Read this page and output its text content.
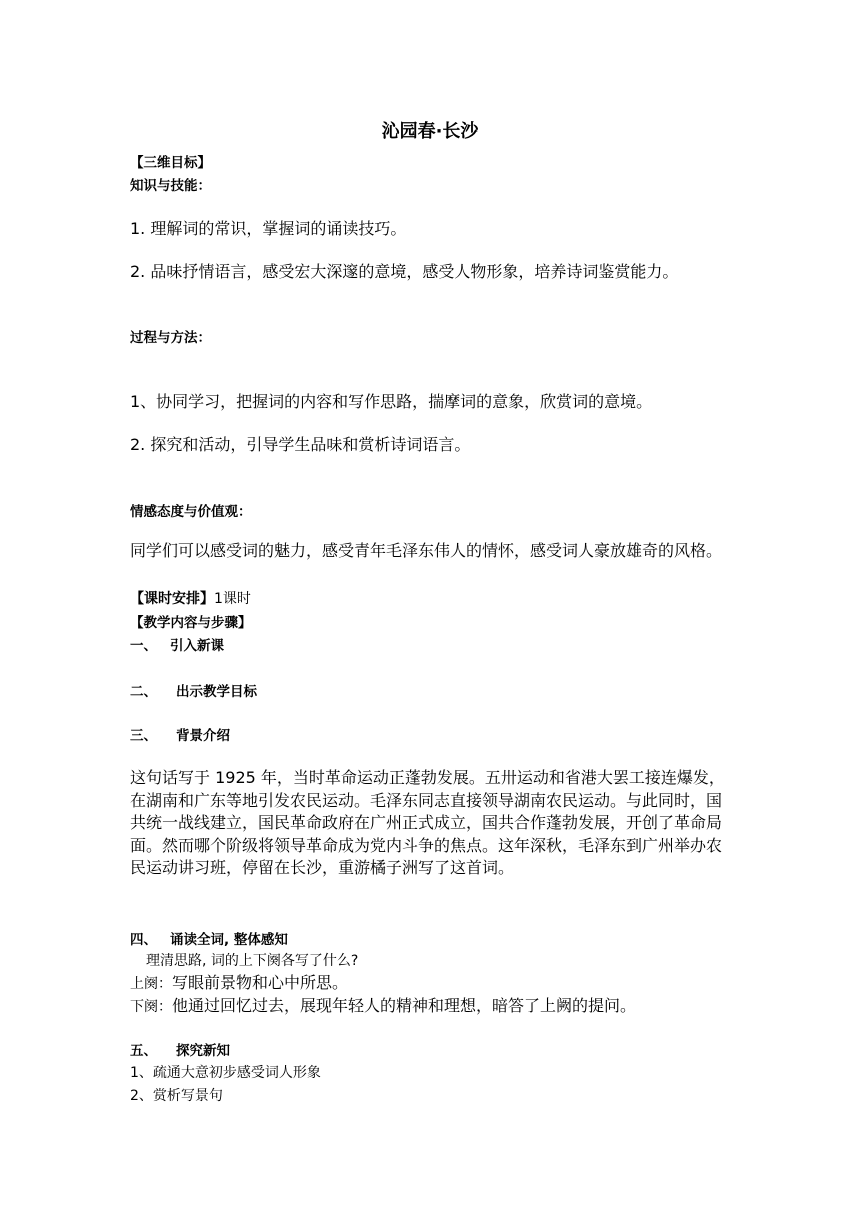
沁园春·长沙
【三维目标】
知识与技能：
1. 理解词的常识，掌握词的诵读技巧。
2. 品味抒情语言，感受宏大深邃的意境，感受人物形象，培养诗词鉴赏能力。
过程与方法：
1、协同学习，把握词的内容和写作思路，揣摩词的意象，欣赏词的意境。
2. 探究和活动，引导学生品味和赏析诗词语言。
情感态度与价值观：
同学们可以感受词的魅力，感受青年毛泽东伟人的情怀，感受词人豪放雄奇的风格。
【课时安排】1课时
【教学内容与步骤】
一、 引入新课
二、 出示教学目标
三、 背景介绍
这句话写于 1925 年，当时革命运动正蓬勃发展。五卅运动和省港大罢工接连爆发，在湖南和广东等地引发农民运动。毛泽东同志直接领导湖南农民运动。与此同时，国共统一战线建立，国民革命政府在广州正式成立，国共合作蓬勃发展，开创了革命局面。然而哪个阶级将领导革命成为党内斗争的焦点。这年深秋，毛泽东到广州举办农民运动讲习班，停留在长沙，重游橘子洲写了这首词。
四、 诵读全词, 整体感知
理清思路, 词的上下阕各写了什么?
上阕：写眼前景物和心中所思。
下阕：他通过回忆过去，展现年轻人的精神和理想，暗答了上阙的提问。
五、 探究新知
1、疏通大意初步感受词人形象
2、赏析写景句
